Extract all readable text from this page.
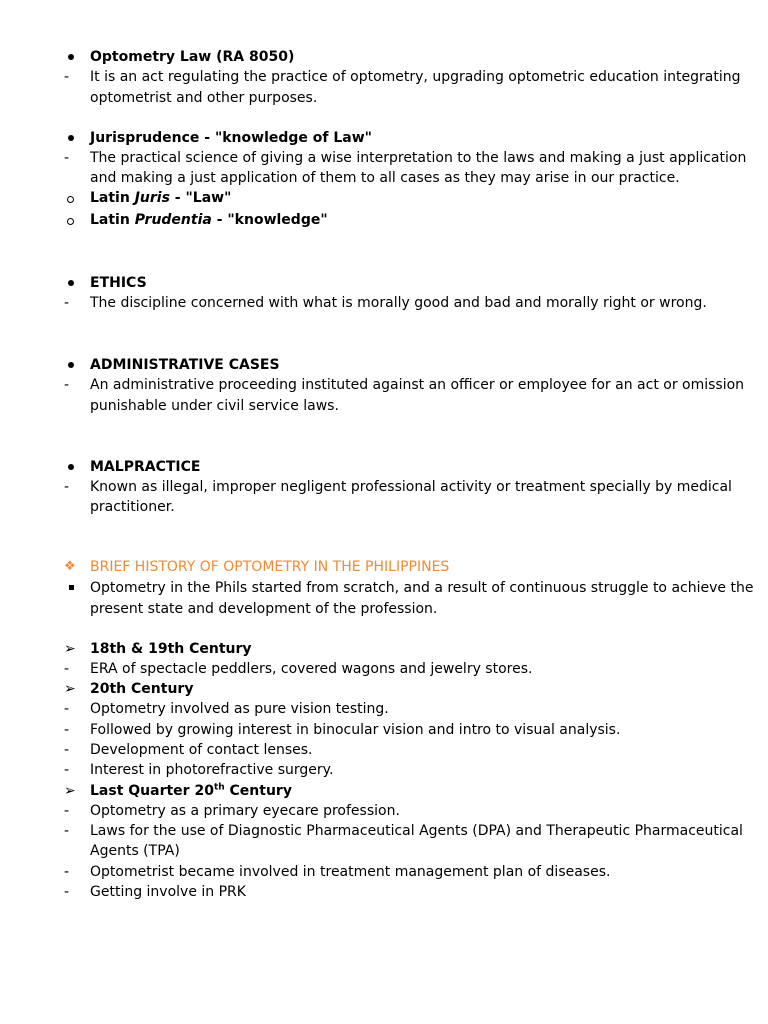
Optometry Law (RA 8050)
-	It is an act regulating the practice of optometry, upgrading optometric education integrating
optometrist and other purposes.
Jurisprudence - "knowledge of Law"
-	The practical science of giving a wise interpretation to the laws and making a just application
and making a just application of them to all cases as they may arise in our practice.
Latin Juris - "Law"
Latin Prudentia - "knowledge"
ETHICS
-	The discipline concerned with what is morally good and bad and morally right or wrong.
ADMINISTRATIVE CASES
-	An administrative proceeding instituted against an officer or employee for an act or omission
punishable under civil service laws.
MALPRACTICE
-	Known as illegal, improper negligent professional activity or treatment specially by medical
practitioner.
❖	BRIEF HISTORY OF OPTOMETRY IN THE PHILIPPINES
Optometry in the Phils started from scratch, and a result of continuous struggle to achieve the
present state and development of the profession.
➢	18th & 19th Century
-	ERA of spectacle peddlers, covered wagons and jewelry stores.
➢	20th Century
-	Optometry involved as pure vision testing.
-	Followed by growing interest in binocular vision and intro to visual analysis.
-	Development of contact lenses.
-	Interest in photorefractive surgery.
➢	Last Quarter 20th Century
-	Optometry as a primary eyecare profession.
-	Laws for the use of Diagnostic Pharmaceutical Agents (DPA) and Therapeutic Pharmaceutical
Agents (TPA)
-	Optometrist became involved in treatment management plan of diseases.
-	Getting involve in PRK
